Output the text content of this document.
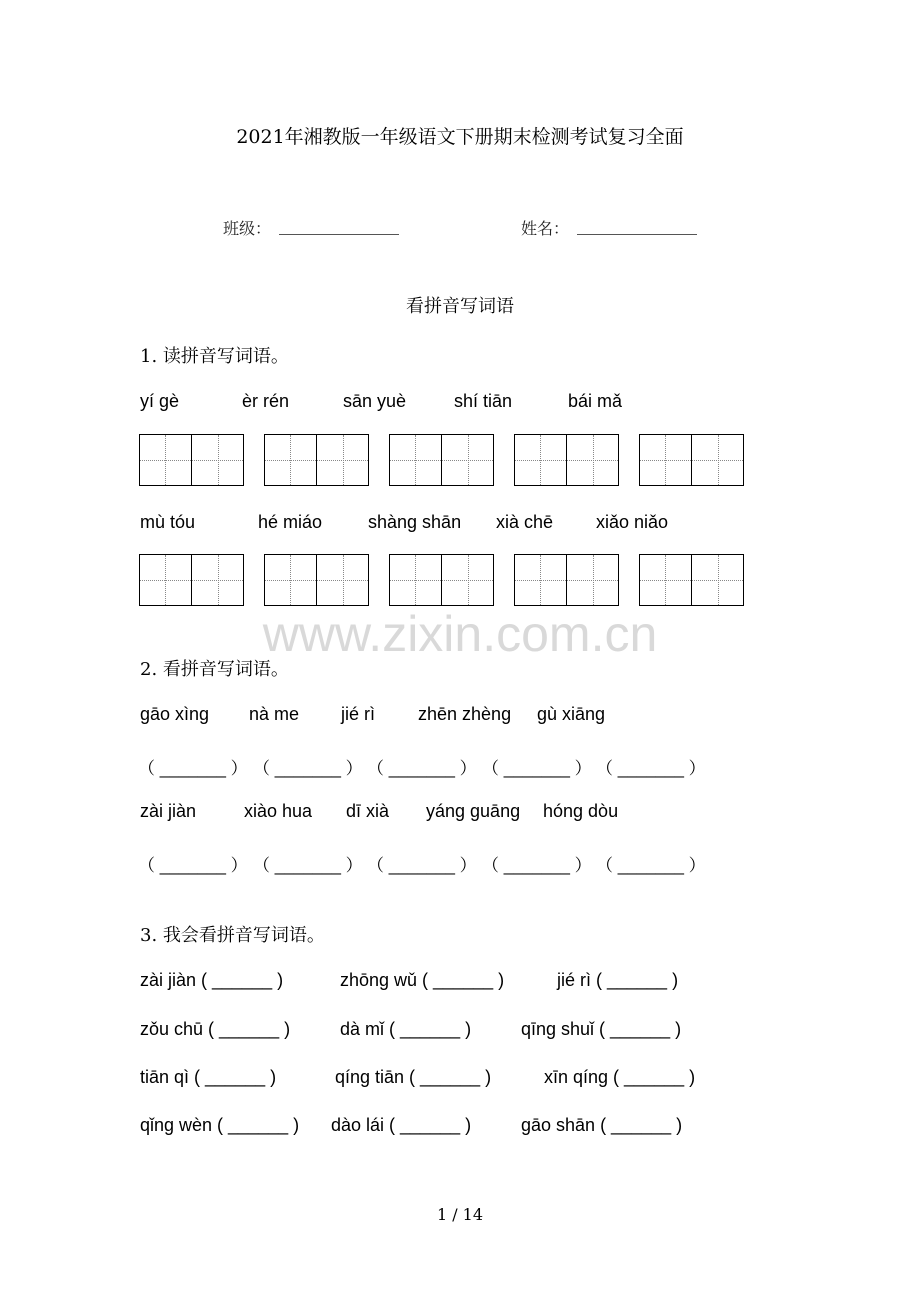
2021年湘教版一年级语文下册期末检测考试复习全面
班级：	姓名：
看拼音写词语
1. 读拼音写词语。
yí gè	èr rén	sān yuè	shí tiān	bái mǎ
mù tóu	hé miáo	shàng shān xià chē xiǎo niǎo
www.zixin.com.cn
2. 看拼音写词语。
gāo xìng nà me jié rì zhēn zhèng gù xiāng
（ _______ ） （ _______ ） （ _______ ） （ _______ ） （ _______ ）
zài jiàn	xiào hua dī xià yáng guāng hóng dòu
（ _______ ） （ _______ ） （ _______ ） （ _______ ） （ _______ ）
3. 我会看拼音写词语。
zài jiàn ( ______ )	zhōng wǔ ( ______ )	jié rì ( ______ )
zǒu chū ( ______ )	dà mǐ ( ______ )	qīng shuǐ ( ______ )
tiān qì ( ______ )	qíng tiān ( ______ )	xīn qíng ( ______ )
qǐng wèn ( ______ ) dào lái ( ______ )	gāo shān ( ______ )
1 / 14
